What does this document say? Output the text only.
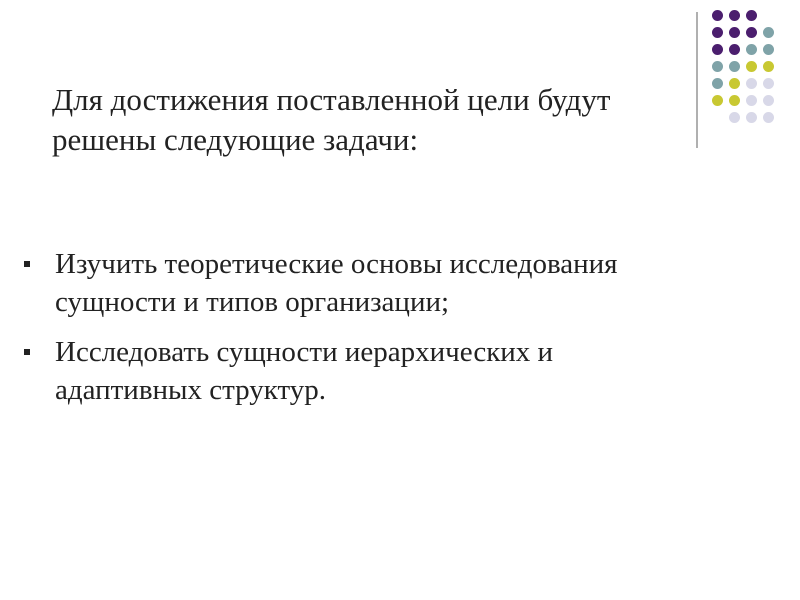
Для достижения поставленной цели будут решены следующие задачи:
Изучить теоретические основы исследования сущности и типов организации;
Исследовать сущности иерархических и адаптивных структур.
